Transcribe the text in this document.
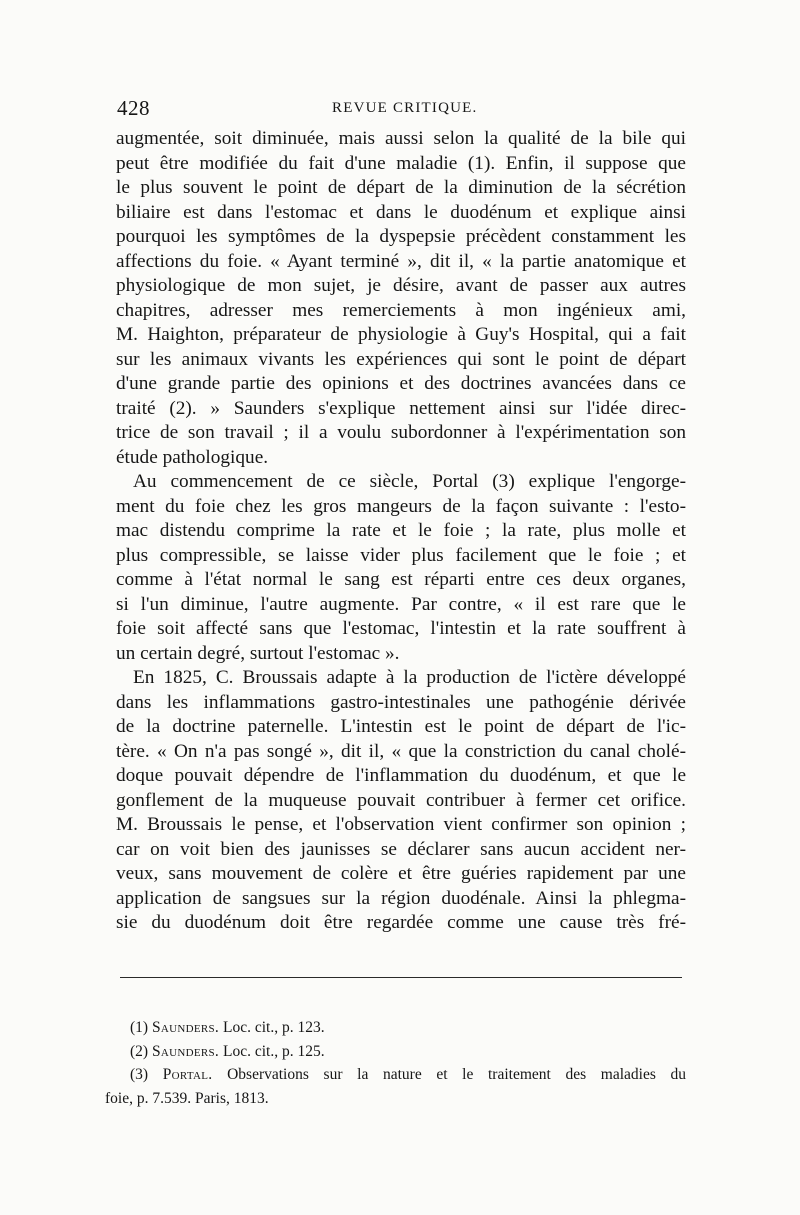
428	REVUE CRITIQUE.
augmentée, soit diminuée, mais aussi selon la qualité de la bile qui
peut être modifiée du fait d'une maladie (1). Enfin, il suppose que
le plus souvent le point de départ de la diminution de la sécrétion
biliaire est dans l'estomac et dans le duodénum et explique ainsi
pourquoi les symptômes de la dyspepsie précèdent constamment les
affections du foie. « Ayant terminé », dit il, « la partie anatomique et
physiologique de mon sujet, je désire, avant de passer aux autres
chapitres, adresser mes remerciements à mon ingénieux ami,
M. Haighton, préparateur de physiologie à Guy's Hospital, qui a fait
sur les animaux vivants les expériences qui sont le point de départ
d'une grande partie des opinions et des doctrines avancées dans ce
traité (2). » Saunders s'explique nettement ainsi sur l'idée direc-
trice de son travail ; il a voulu subordonner à l'expérimentation son
étude pathologique.
Au commencement de ce siècle, Portal (3) explique l'engorge-
ment du foie chez les gros mangeurs de la façon suivante : l'esto-
mac distendu comprime la rate et le foie ; la rate, plus molle et
plus compressible, se laisse vider plus facilement que le foie ; et
comme à l'état normal le sang est réparti entre ces deux organes,
si l'un diminue, l'autre augmente. Par contre, « il est rare que le
foie soit affecté sans que l'estomac, l'intestin et la rate souffrent à
un certain degré, surtout l'estomac ».
En 1825, C. Broussais adapte à la production de l'ictère développé
dans les inflammations gastro-intestinales une pathogénie dérivée
de la doctrine paternelle. L'intestin est le point de départ de l'ic-
tère. « On n'a pas songé », dit il, « que la constriction du canal cholé-
doque pouvait dépendre de l'inflammation du duodénum, et que le
gonflement de la muqueuse pouvait contribuer à fermer cet orifice.
M. Broussais le pense, et l'observation vient confirmer son opinion ;
car on voit bien des jaunisses se déclarer sans aucun accident ner-
veux, sans mouvement de colère et être guéries rapidement par une
application de sangsues sur la région duodénale. Ainsi la phlegma-
sie du duodénum doit être regardée comme une cause très fré-
(1) Saunders. Loc. cit., p. 123.
(2) Saunders. Loc. cit., p. 125.
(3) Portal. Observations sur la nature et le traitement des maladies du
foie, p. 7.539. Paris, 1813.
